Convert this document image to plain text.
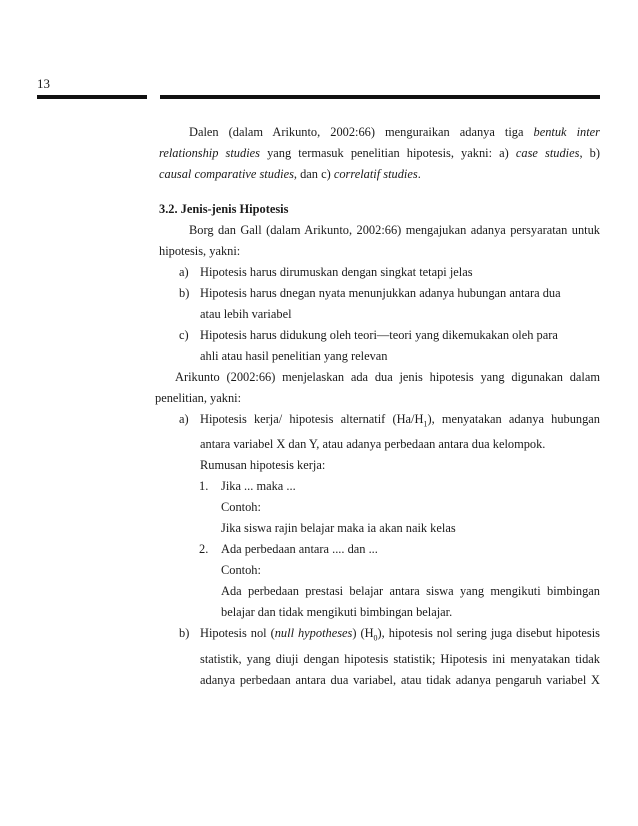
13
Dalen (dalam Arikunto, 2002:66) menguraikan adanya tiga bentuk inter
relationship studies yang termasuk penelitian hipotesis, yakni: a) case studies, b)
causal comparative studies, dan c) correlatif studies.
3.2. Jenis-jenis Hipotesis
Borg dan Gall (dalam Arikunto, 2002:66) mengajukan adanya persyaratan untuk
hipotesis, yakni:
a) Hipotesis harus dirumuskan dengan singkat tetapi jelas
b) Hipotesis harus dnegan nyata menunjukkan adanya hubungan antara dua
atau lebih variabel
c) Hipotesis harus didukung oleh teori—teori yang dikemukakan oleh para
ahli atau hasil penelitian yang relevan
Arikunto (2002:66) menjelaskan ada dua jenis hipotesis yang digunakan dalam
penelitian, yakni:
a) Hipotesis kerja/ hipotesis alternatif $(Ha/H_1)$, menyatakan adanya hubungan
antara variabel X dan Y, atau adanya perbedaan antara dua kelompok.
Rumusan hipotesis kerja:
1.	Jika ... maka ...
Contoh:
Jika siswa rajin belajar maka ia akan naik kelas
2.	Ada perbedaan antara .... dan ...
Contoh:
Ada perbedaan prestasi belajar antara siswa yang mengikuti bimbingan
belajar dan tidak mengikuti bimbingan belajar.
b) Hipotesis nol (null hypotheses) $(H_0)$, hipotesis nol sering juga disebut hipotesis
statistik, yang diuji dengan hipotesis statistik; Hipotesis ini menyatakan tidak
adanya perbedaan antara dua variabel, atau tidak adanya pengaruh variabel X
